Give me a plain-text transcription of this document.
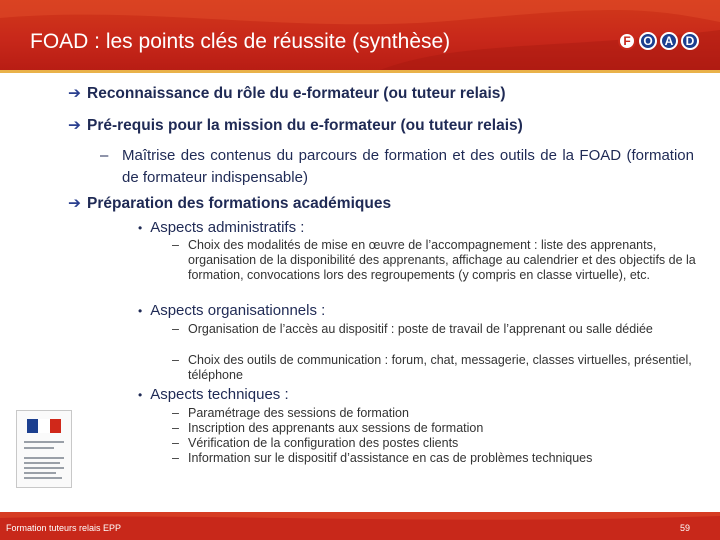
FOAD : les points clés de réussite (synthèse)	F	O A	D
➔ Reconnaissance du rôle du e-formateur (ou tuteur relais)
➔ Pré-requis pour la mission du e-formateur (ou tuteur relais)
– Maîtrise des contenus du parcours de formation et des outils de la FOAD (formation de formateur indispensable)
➔ Préparation des formations académiques
• Aspects administratifs :
– Choix des modalités de mise en œuvre de l’accompagnement : liste des apprenants, organisation de la disponibilité des apprenants, affichage au calendrier et des objectifs de la formation, convocations lors des regroupements (y compris en classe virtuelle), etc.
• Aspects organisationnels :
– Organisation de l’accès au dispositif : poste de travail de l’apprenant ou salle dédiée
– Choix des outils de communication : forum, chat, messagerie, classes virtuelles, présentiel, téléphone
• Aspects techniques :
– Paramétrage des sessions de formation
– Inscription des apprenants aux sessions de formation
– Vérification de la configuration des postes clients
– Information sur le dispositif d’assistance en cas de problèmes techniques
Formation tuteurs relais EPP	59
